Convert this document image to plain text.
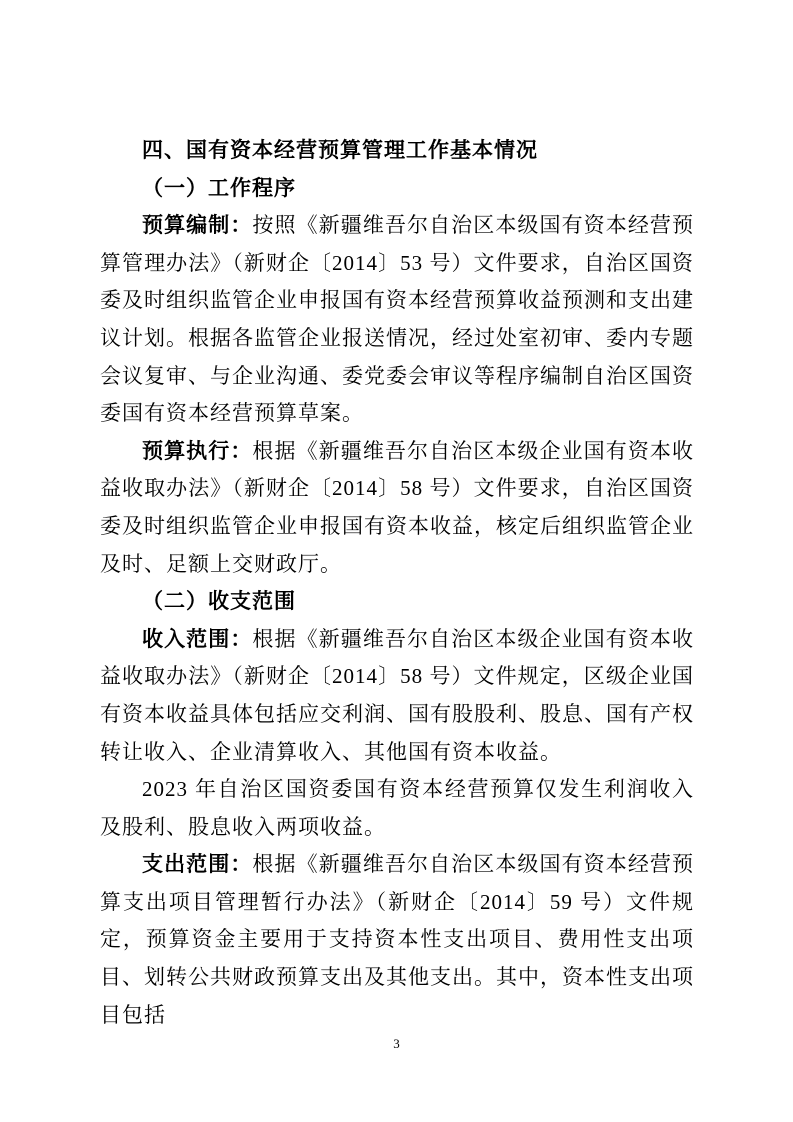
四、国有资本经营预算管理工作基本情况
（一）工作程序

预算编制：按照《新疆维吾尔自治区本级国有资本经营预算管理办法》（新财企〔2014〕53 号）文件要求，自治区国资委及时组织监管企业申报国有资本经营预算收益预测和支出建议计划。根据各监管企业报送情况，经过处室初审、委内专题会议复审、与企业沟通、委党委会审议等程序编制自治区国资委国有资本经营预算草案。

预算执行：根据《新疆维吾尔自治区本级企业国有资本收益收取办法》（新财企〔2014〕58 号）文件要求，自治区国资委及时组织监管企业申报国有资本收益，核定后组织监管企业及时、足额上交财政厅。

（二）收支范围

收入范围：根据《新疆维吾尔自治区本级企业国有资本收益收取办法》（新财企〔2014〕58 号）文件规定，区级企业国有资本收益具体包括应交利润、国有股股利、股息、国有产权转让收入、企业清算收入、其他国有资本收益。

2023 年自治区国资委国有资本经营预算仅发生利润收入及股利、股息收入两项收益。

支出范围：根据《新疆维吾尔自治区本级国有资本经营预算支出项目管理暂行办法》（新财企〔2014〕59 号）文件规定，预算资金主要用于支持资本性支出项目、费用性支出项目、划转公共财政预算支出及其他支出。其中，资本性支出项目包括

3
